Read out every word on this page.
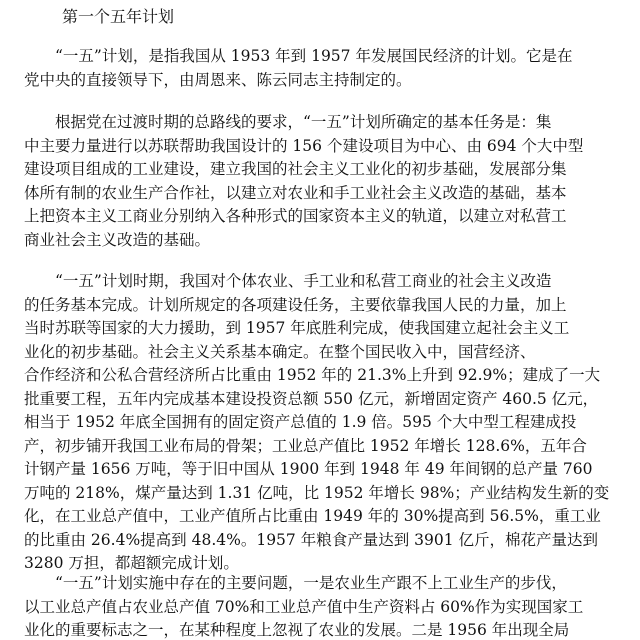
第一个五年计划
　　“一五”计划，是指我国从 1953 年到 1957 年发展国民经济的计划。它是在
党中央的直接领导下，由周恩来、陈云同志主持制定的。
　　根据党在过渡时期的总路线的要求，“一五”计划所确定的基本任务是：集
中主要力量进行以苏联帮助我国设计的 156 个建设项目为中心、由 694 个大中型
建设项目组成的工业建设，建立我国的社会主义工业化的初步基础，发展部分集
体所有制的农业生产合作社，以建立对农业和手工业社会主义改造的基础，基本
上把资本主义工商业分别纳入各种形式的国家资本主义的轨道，以建立对私营工
商业社会主义改造的基础。
　　“一五”计划时期，我国对个体农业、手工业和私营工商业的社会主义改造
的任务基本完成。计划所规定的各项建设任务，主要依靠我国人民的力量，加上
当时苏联等国家的大力援助，到 1957 年底胜利完成，使我国建立起社会主义工
业化的初步基础。社会主义关系基本确定。在整个国民收入中，国营经济、
合作经济和公私合营经济所占比重由 1952 年的 21.3%上升到 92.9%；建成了一大
批重要工程，五年内完成基本建设投资总额 550 亿元，新增固定资产 460.5 亿元，
相当于 1952 年底全国拥有的固定资产总值的 1.9 倍。595 个大中型工程建成投
产，初步铺开我国工业布局的骨架；工业总产值比 1952 年增长 128.6%，五年合
计钢产量 1656 万吨，等于旧中国从 1900 年到 1948 年 49 年间钢的总产量 760
万吨的 218%，煤产量达到 1.31 亿吨，比 1952 年增长 98%；产业结构发生新的变
化，在工业总产值中，工业产值所占比重由 1949 年的 30%提高到 56.5%，重工业
的比重由 26.4%提高到 48.4%。1957 年粮食产量达到 3901 亿斤，棉花产量达到
3280 万担，都超额完成计划。
　　“一五”计划实施中存在的主要问题，一是农业生产跟不上工业生产的步伐，
以工业总产值占农业总产值 70%和工业总产值中生产资料占 60%作为实现国家工
业化的重要标志之一，在某种程度上忽视了农业的发展。二是 1956 年出现全局
